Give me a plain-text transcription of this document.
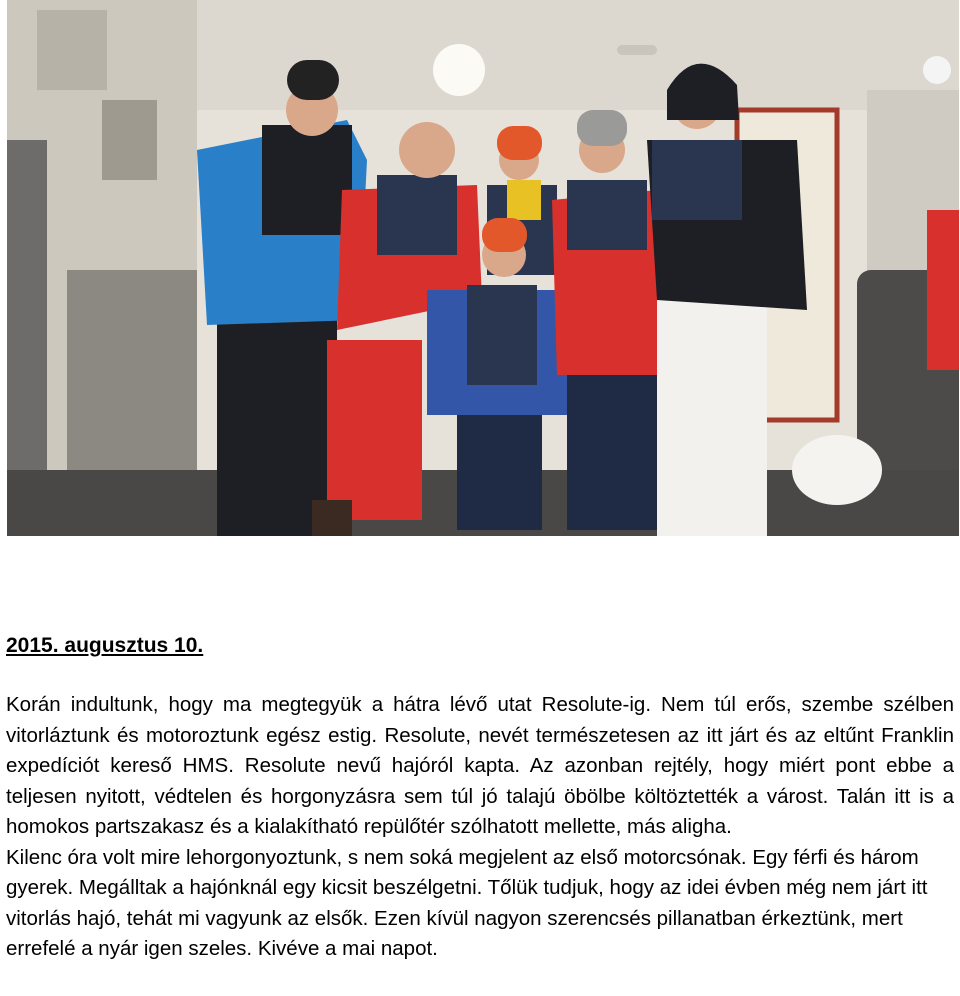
2015. augusztus 10.

Korán indultunk, hogy ma megtegyük a hátra lévő utat Resolute-ig. Nem túl erős, szembe szélben vitorláztunk és motoroztunk egész estig. Resolute, nevét természetesen az itt járt és az eltűnt Franklin expedíciót kereső HMS. Resolute nevű hajóról kapta. Az azonban rejtély, hogy miért pont ebbe a teljesen nyitott, védtelen és horgonyzásra sem túl jó talajú öbölbe költöztették a várost. Talán itt is a homokos partszakasz és a kialakítható repülőtér szólhatott mellette, más aligha.

Kilenc óra volt mire lehorgonyoztunk, s nem soká megjelent az első motorcsónak. Egy férfi és három gyerek. Megálltak a hajónknál egy kicsit beszélgetni. Tőlük tudjuk, hogy az idei évben még nem járt itt vitorlás hajó, tehát mi vagyunk az elsők. Ezen kívül nagyon szerencsés pillanatban érkeztünk, mert errefelé a nyár igen szeles. Kivéve a mai napot.
